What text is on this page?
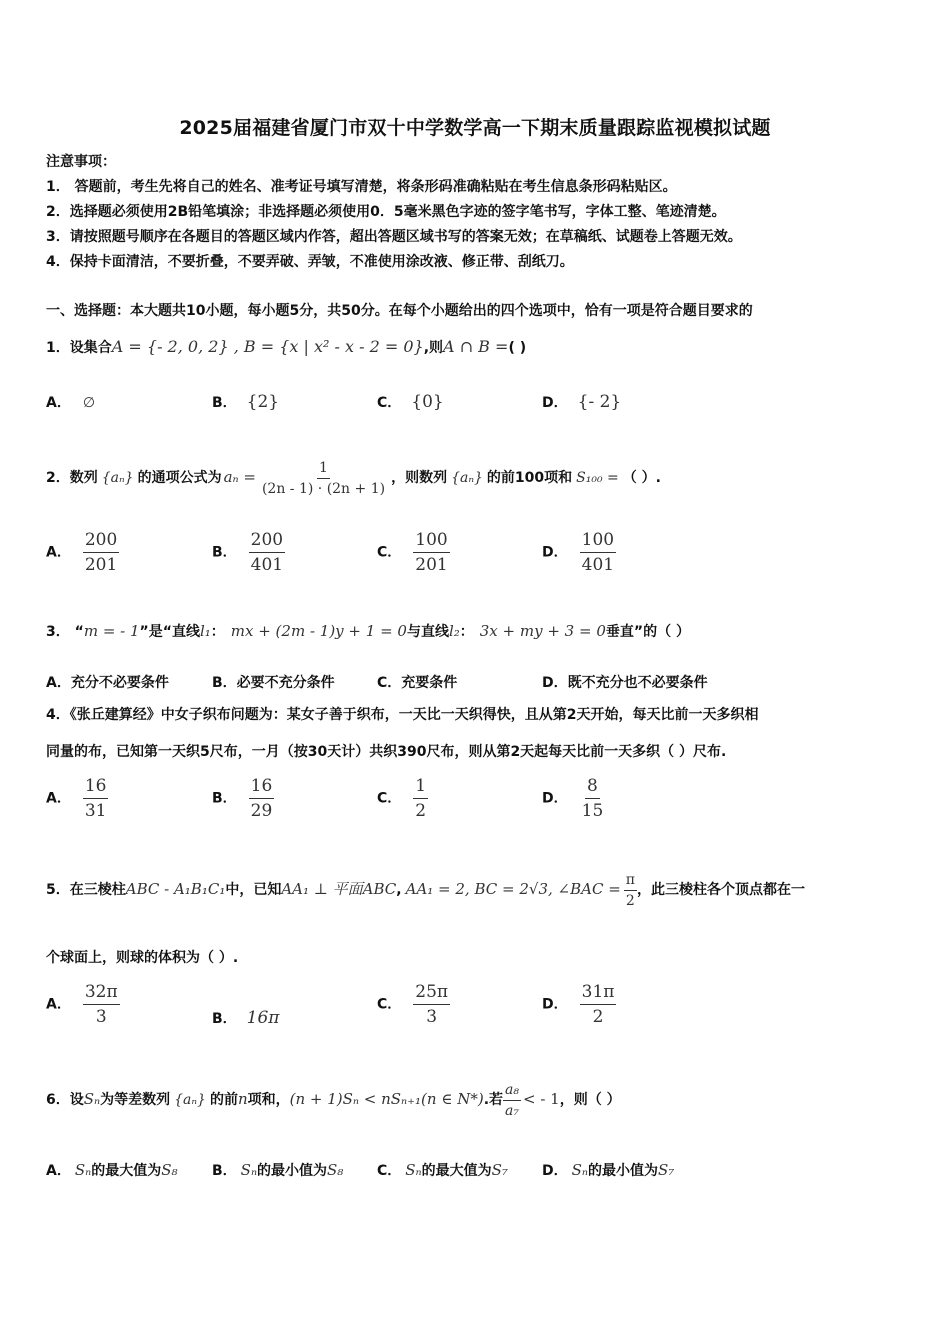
2025届福建省厦门市双十中学数学高一下期末质量跟踪监视模拟试题
注意事项：
1． 答题前，考生先将自己的姓名、准考证号填写清楚，将条形码准确粘贴在考生信息条形码粘贴区。
2．选择题必须使用2B铅笔填涂；非选择题必须使用0．5毫米黑色字迹的签字笔书写，字体工整、笔迹清楚。
3．请按照题号顺序在各题目的答题区域内作答，超出答题区域书写的答案无效；在草稿纸、试题卷上答题无效。
4．保持卡面清洁，不要折叠，不要弄破、弄皱，不准使用涂改液、修正带、刮纸刀。
一、选择题：本大题共10小题，每小题5分，共50分。在每个小题给出的四个选项中，恰有一项是符合题目要求的
1．设集合A = {- 2, 0, 2} , B = {x | x² - x - 2 = 0},则A ∩ B =( )
A． ∅	B． {2}	C． {0}	D． {- 2}
2．数列 {aₙ} 的通项公式为 $a_n = \frac{1}{(2n - 1) \cdot (2n + 1)}$ ，则数列 {aₙ} 的前100项和 S₁₀₀ = （ ）.
A． $\frac{200}{201}$	B． $\frac{200}{401}$	C． $\frac{100}{201}$	D． $\frac{100}{401}$
3． “m = - 1”是“直线l₁： mx + (2m - 1)y + 1 = 0与直线l₂： 3x + my + 3 = 0垂直”的（ ）
A．充分不必要条件	B．必要不充分条件	C．充要条件	D．既不充分也不必要条件
4．《张丘建算经》中女子织布问题为：某女子善于织布，一天比一天织得快，且从第2天开始，每天比前一天多织相
同量的布，已知第一天织5尺布，一月（按30天计）共织390尺布，则从第2天起每天比前一天多织（ ）尺布.
A． $\frac{16}{31}$	B． $\frac{16}{29}$	C． $\frac{1}{2}$	D． $\frac{8}{15}$
5．在三棱柱ABC - A₁B₁C₁中，已知AA₁ ⊥ 平面ABC, AA₁ = 2, BC = 2√3, ∠BAC = $\frac{\pi}{2}$ ，此三棱柱各个顶点都在一
个球面上，则球的体积为（ ）.
A． $\frac{32\pi}{3}$	B． 16π
C． $\frac{25\pi}{3}$	D． $\frac{31\pi}{2}$
6．设Sₙ为等差数列 {aₙ} 的前n项和，(n + 1)Sₙ < nSₙ₊₁(n ∈ N*).若 $\frac{\text{a₈}}{\text{a₇}}$ < - 1，则（ ）
A． Sₙ的最大值为S₈ B． Sₙ的最小值为S₈ C． Sₙ的最大值为S₇ D． Sₙ的最小值为S₇
